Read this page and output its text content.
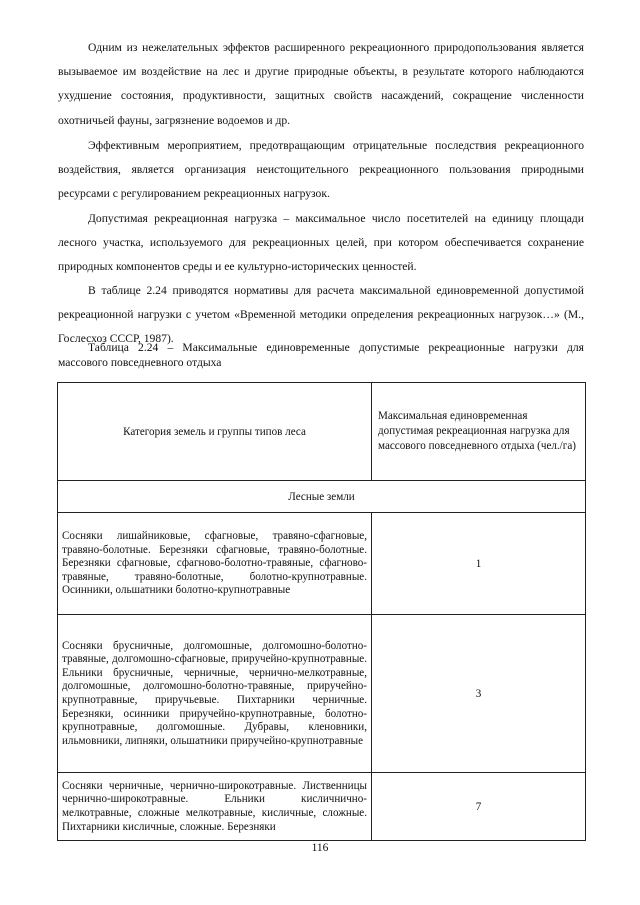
Одним из нежелательных эффектов расширенного рекреационного природопользования является вызываемое им воздействие на лес и другие природные объекты, в результате которого наблюдаются ухудшение состояния, продуктивности, защитных свойств насаждений, сокращение численности охотничьей фауны, загрязнение водоемов и др.

Эффективным мероприятием, предотвращающим отрицательные последствия рекреационного воздействия, является организация неистощительного рекреационного пользования природными ресурсами с регулированием рекреационных нагрузок.

Допустимая рекреационная нагрузка – максимальное число посетителей на единицу площади лесного участка, используемого для рекреационных целей, при котором обеспечивается сохранение природных компонентов среды и ее культурно-исторических ценностей.

В таблице 2.24 приводятся нормативы для расчета максимальной единовременной допустимой рекреационной нагрузки с учетом «Временной методики определения рекреационных нагрузок…» (М., Гослесхоз СССР, 1987).

Таблица 2.24 – Максимальные единовременные допустимые рекреационные нагрузки для массового повседневного отдыха

Категория земель и группы типов леса	Максимальная единовременная допустимая рекреационная нагрузка для массового повседневного отдыха (чел./га)
Лесные земли	
Сосняки лишайниковые, сфагновые, травяно-сфагновые, травяно-болотные. Березняки сфагновые, травяно-болотные. Березняки сфагновые, сфагново-болотно-травяные, сфагново-травяные, травяно-болотные, болотно-крупнотравные. Осинники, ольшатники болотно-крупнотравные	1
Сосняки брусничные, долгомошные, долгомошно-болотно-травяные, долгомошно-сфагновые, приручейно-крупнотравные. Ельники брусничные, черничные, чернично-мелкотравные, долгомошные, долгомошно-болотно-травяные, приручейно-крупнотравные, приручьевые. Пихтарники черничные. Березняки, осинники приручейно-крупнотравные, болотно-крупнотравные, долгомошные. Дубравы, кленовники, ильмовники, липняки, ольшатники приручейно-крупнотравные	3
Сосняки черничные, чернично-широкотравные. Лиственницы чернично-широкотравные. Ельники кисличнично-мелкотравные, сложные мелкотравные, кисличные, сложные. Пихтарники кисличные, сложные. Березняки	7
116
